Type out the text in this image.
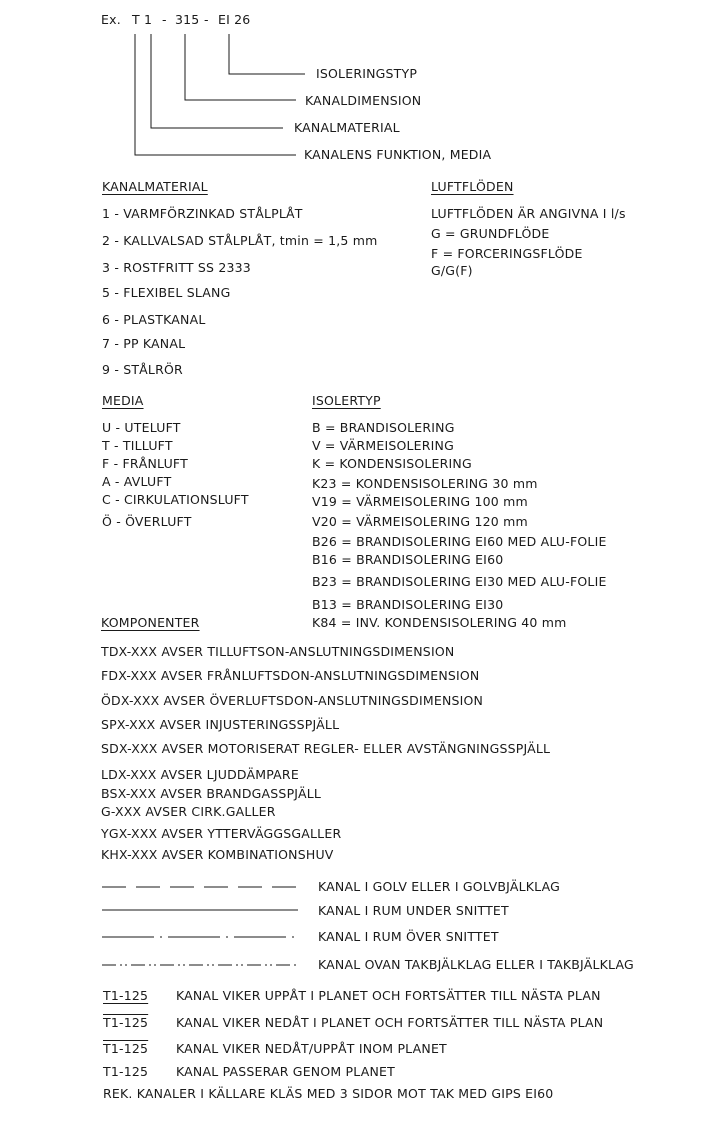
Ex. T 1 - 315 - EI 26
ISOLERINGSTYP
KANALDIMENSION
KANALMATERIAL
KANALENS FUNKTION, MEDIA
KANALMATERIAL
1 - VARMFÖRZINKAD STÅLPLÅT
2 - KALLVALSAD STÅLPLÅT, tmin = 1,5 mm
3 - ROSTFRITT SS 2333
5 - FLEXIBEL SLANG
6 - PLASTKANAL
7 - PP KANAL
9 - STÅLRÖR
LUFTFLÖDEN
LUFTFLÖDEN ÄR ANGIVNA I l/s
G = GRUNDFLÖDE
F = FORCERINGSFLÖDE
G/G(F)
MEDIA
U - UTELUFT
T - TILLUFT
F - FRÅNLUFT
A - AVLUFT
C - CIRKULATIONSLUFT
Ö - ÖVERLUFT
ISOLERTYP
B = BRANDISOLERING
V = VÄRMEISOLERING
K = KONDENSISOLERING
K23 = KONDENSISOLERING 30 mm
V19 = VÄRMEISOLERING 100 mm
V20 = VÄRMEISOLERING 120 mm
B26 = BRANDISOLERING EI60 MED ALU-FOLIE
B16 = BRANDISOLERING EI60
B23 = BRANDISOLERING EI30 MED ALU-FOLIE
B13 = BRANDISOLERING EI30
K84 = INV. KONDENSISOLERING 40 mm
KOMPONENTER
TDX-XXX AVSER TILLUFTSON-ANSLUTNINGSDIMENSION
FDX-XXX AVSER FRÅNLUFTSDON-ANSLUTNINGSDIMENSION
ÖDX-XXX AVSER ÖVERLUFTSDON-ANSLUTNINGSDIMENSION
SPX-XXX AVSER INJUSTERINGSSPJÄLL
SDX-XXX AVSER MOTORISERAT REGLER- ELLER AVSTÄNGNINGSSPJÄLL
LDX-XXX AVSER LJUDDÄMPARE
BSX-XXX AVSER BRANDGASSPJÄLL
G-XXX AVSER CIRK.GALLER
YGX-XXX AVSER YTTERVÄGGSGALLER
KHX-XXX AVSER KOMBINATIONSHUV
KANAL I GOLV ELLER I GOLVBJÄLKLAG
KANAL I RUM UNDER SNITTET
KANAL I RUM ÖVER SNITTET
KANAL OVAN TAKBJÄLKLAG ELLER I TAKBJÄLKLAG
T1-125 KANAL VIKER UPPÅT I PLANET OCH FORTSÄTTER TILL NÄSTA PLAN
T1-125 KANAL VIKER NEDÅT I PLANET OCH FORTSÄTTER TILL NÄSTA PLAN
T1-125 KANAL VIKER NEDÅT/UPPÅT INOM PLANET
T1-125 KANAL PASSERAR GENOM PLANET
REK. KANALER I KÄLLARE KLÄS MED 3 SIDOR MOT TAK MED GIPS EI60
